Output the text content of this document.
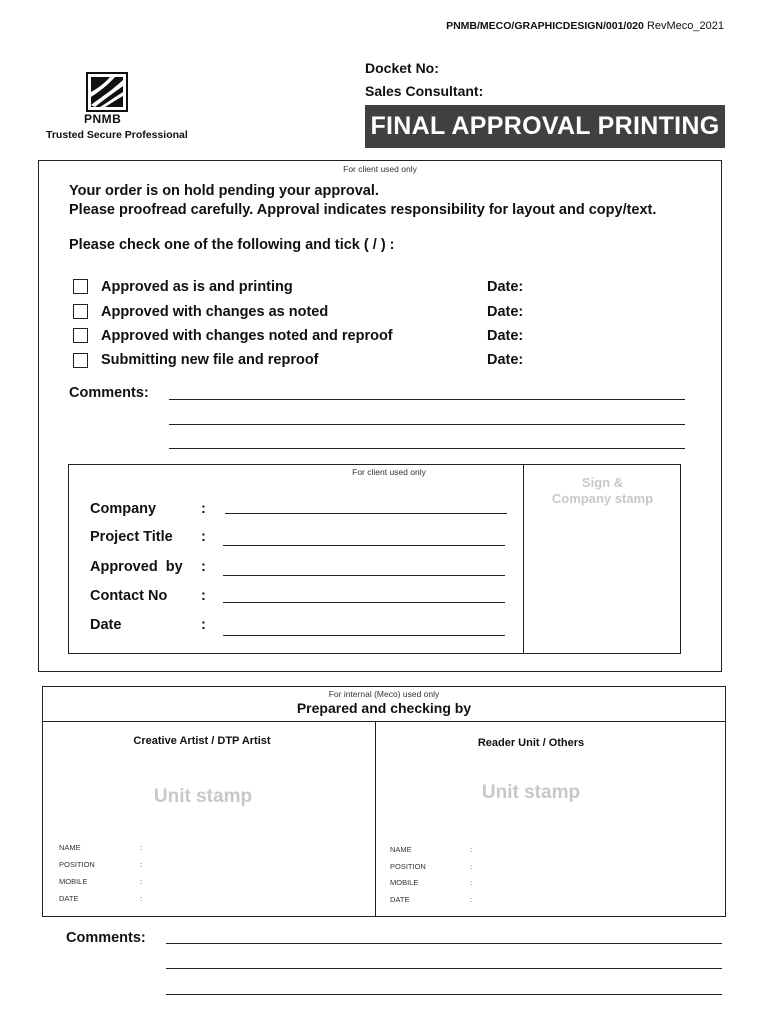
PNMB/MECO/GRAPHICDESIGN/001/020 RevMeco_2021
PNMB
Trusted Secure Professional
Docket No:
Sales Consultant:
FINAL APPROVAL PRINTING
For client used only
Your order is on hold pending your approval.
Please proofread carefully. Approval indicates responsibility for layout and copy/text.
Please check one of the following and tick ( / ) :
Approved as is and printing	Date:
Approved with changes as noted	Date:
Approved with changes noted and reproof	Date:
Submitting new file and reproof	Date:
Comments:
For client used only
Sign &
Company stamp
Company	:
Project Title :
Approved  by :
Contact No :
Date	:
For internal (Meco) used only
Prepared and checking by
Creative Artist / DTP Artist	Reader Unit / Others
Unit stamp	Unit stamp
NAME	:
POSITION	:
MOBILE	:
DATE	:
NAME	:
POSITION	:
MOBILE	:
DATE	:
Comments:
